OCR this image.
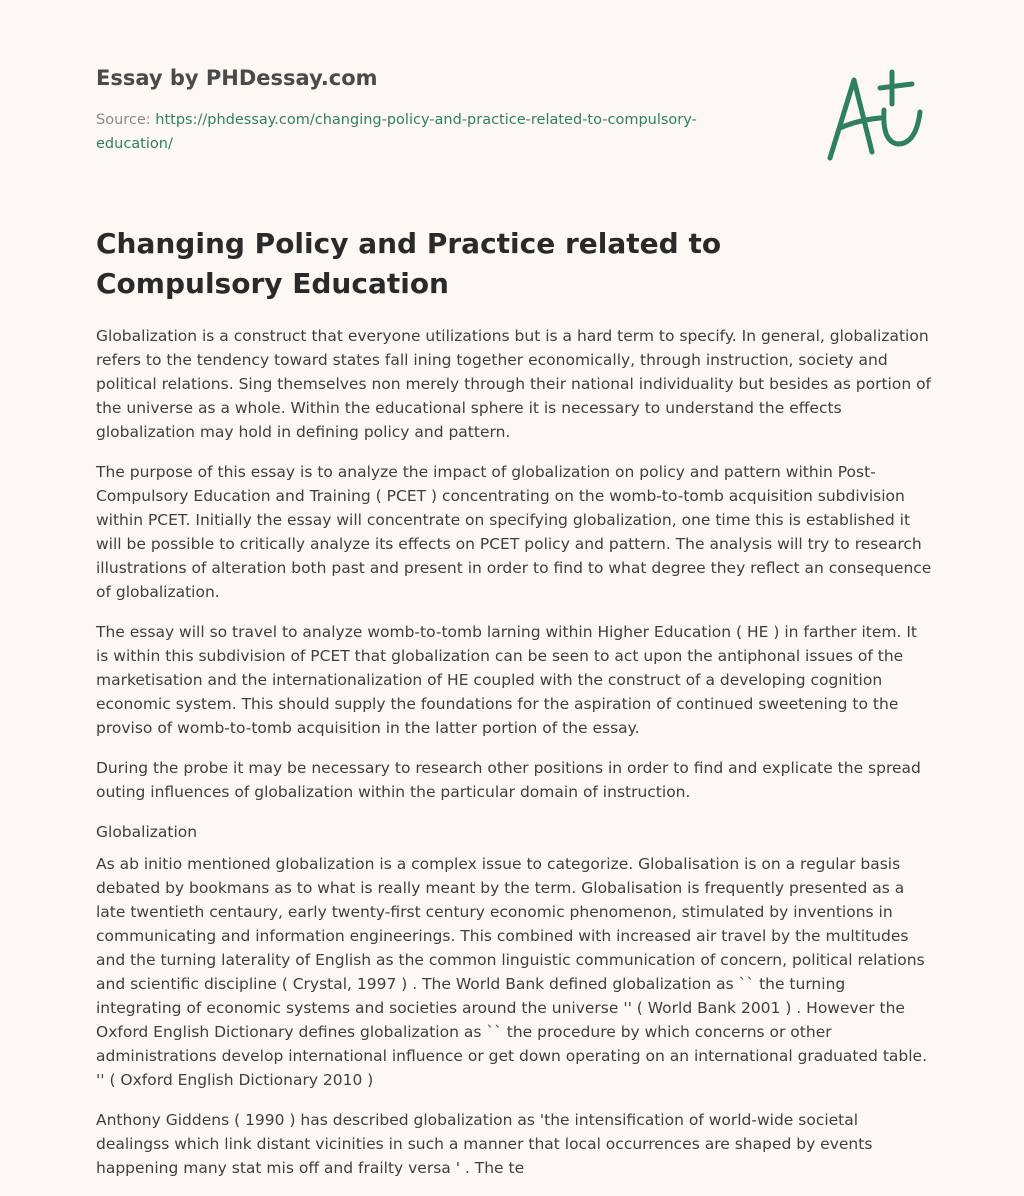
Essay by PHDessay.com
Source: https://phdessay.com/changing-policy-and-practice-related-to-compulsory-
education/
Changing Policy and Practice related to Compulsory Education

Globalization is a construct that everyone utilizations but is a hard term to specify. In general, globalization refers to the tendency toward states fall ining together economically, through instruction, society and political relations. Sing themselves non merely through their national individuality but besides as portion of the universe as a whole. Within the educational sphere it is necessary to understand the effects globalization may hold in defining policy and pattern.

The purpose of this essay is to analyze the impact of globalization on policy and pattern within Post-Compulsory Education and Training ( PCET ) concentrating on the womb-to-tomb acquisition subdivision within PCET. Initially the essay will concentrate on specifying globalization, one time this is established it will be possible to critically analyze its effects on PCET policy and pattern. The analysis will try to research illustrations of alteration both past and present in order to find to what degree they reflect an consequence of globalization.

The essay will so travel to analyze womb-to-tomb larning within Higher Education ( HE ) in farther item. It is within this subdivision of PCET that globalization can be seen to act upon the antiphonal issues of the marketisation and the internationalization of HE coupled with the construct of a developing cognition economic system. This should supply the foundations for the aspiration of continued sweetening to the proviso of womb-to-tomb acquisition in the latter portion of the essay.

During the probe it may be necessary to research other positions in order to find and explicate the spread outing influences of globalization within the particular domain of instruction.

Globalization

As ab initio mentioned globalization is a complex issue to categorize. Globalisation is on a regular basis debated by bookmans as to what is really meant by the term. Globalisation is frequently presented as a late twentieth centaury, early twenty-first century economic phenomenon, stimulated by inventions in communicating and information engineerings. This combined with increased air travel by the multitudes and the turning laterality of English as the common linguistic communication of concern, political relations and scientific discipline ( Crystal, 1997 ) . The World Bank defined globalization as `` the turning integrating of economic systems and societies around the universe '' ( World Bank 2001 ) . However the Oxford English Dictionary defines globalization as `` the procedure by which concerns or other administrations develop international influence or get down operating on an international graduated table. '' ( Oxford English Dictionary 2010 )

Anthony Giddens ( 1990 ) has described globalization as 'the intensification of world-wide societal dealingss which link distant vicinities in such a manner that local occurrences are shaped by events happening many stat mis off and frailty versa ' . The te
